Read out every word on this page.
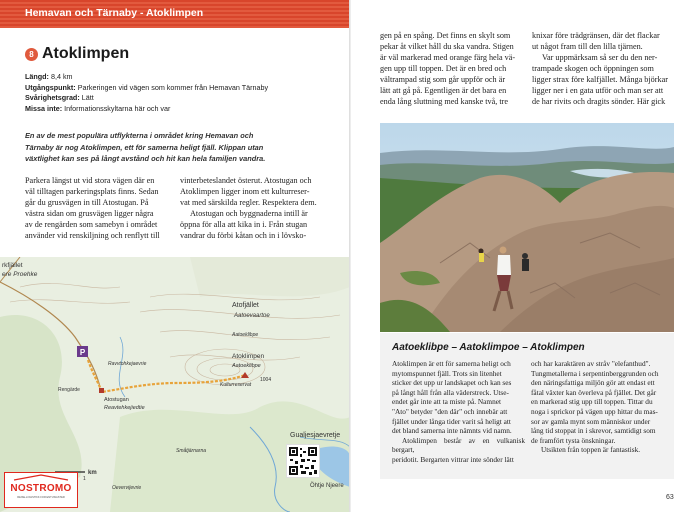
Hemavan och Tärnaby - Atoklimpen
8 Atoklimpen
Längd: 8,4 km
Utgångspunkt: Parkeringen vid vägen som kommer från Hemavan Tärnaby
Svårighetsgrad: Lätt
Missa inte: Informationsskyltarna här och var
En av de mest populära utflykterna i området kring Hemavan och
Tärnaby är nog Atoklimpen, ett för samerna heligt fjäll. Klippan utan
växtlighet kan ses på långt avstånd och hit kan hela familjen vandra.
Parkera längst ut vid stora vägen där en
väl tilltagen parkeringsplats finns. Sedan
går du grusvägen in till Atostugan. På
västra sidan om grusvägen ligger några
av de rengärden som samebyn i området
använder vid renskiljning och renflytt till
vinterbeteslandet österut. Atostugan och
Atoklimpen ligger inom ett kulturreser-
vat med särskilda regler. Respektera dem.
Atostugan och byggnaderna intill är
öppna för alla att kika in i. Från stugan
vandrar du förbi kåtan och in i lövsko-
P
rkfjället
ere Proehke
Atofjället
Aatoevaartoe
Aatoeklibpe
Atoklimpen
Aatoeklibpe
Kulturreservat
1004
Ravvtohkejaevrie
Rengärde
Atostugan
Reavtehkejiedtie
Gualjesjaevretje
Öhtje Njeere
Småtjärnarna
Oevervijevrie
1
km
NOSTROMO
REISE-LOGISTIKK FOR ENTUSIASTER
gen på en spång. Det finns en skylt som
pekar åt vilket håll du ska vandra. Stigen
är väl markerad med orange färg hela vä-
gen upp till toppen. Det är en bred och
vältrampad stig som går uppför och är
lätt att gå på. Egentligen är det bara en
enda lång sluttning med kanske två, tre
knixar före trädgränsen, där det flackar
ut något fram till den lilla tjärnen.
Var uppmärksam så ser du den ner-
trampade skogen och öppningen som
ligger strax före kalfjället. Många björkar
ligger ner i en gata utför och man ser att
de har rivits och dragits sönder. Här gick
Aatoeklibpe – Aatoklimpoe – Atoklimpen
Atoklimpen är ett för samerna heligt och
mytomspunnet fjäll. Trots sin litenhet
sticker det upp ur landskapet och kan ses
på långt håll från alla väderstreck. Utse-
endet går inte att ta miste på. Namnet
"Ato" betyder "den där" och innebär att
fjället under långa tider varit så heligt att
det bland samerna inte nämnts vid namn.
Atoklimpen består av en vulkanisk bergart,
peridotit. Bergarten vittrar inte sönder lätt
och har karaktären av stråv "elefanthud".
Tungmetallerna i serpentinberggrunden och
den näringsfattiga miljön gör att endast ett
fåtal växter kan överleva på fjället. Det går
en markerad stig upp till toppen. Tittar du
noga i sprickor på vägen upp hittar du mas-
sor av gamla mynt som människor under
lång tid stoppat in i skrevor, samtidigt som
de framfört tysta önskningar.
Utsikten från toppen är fantastisk.
63
